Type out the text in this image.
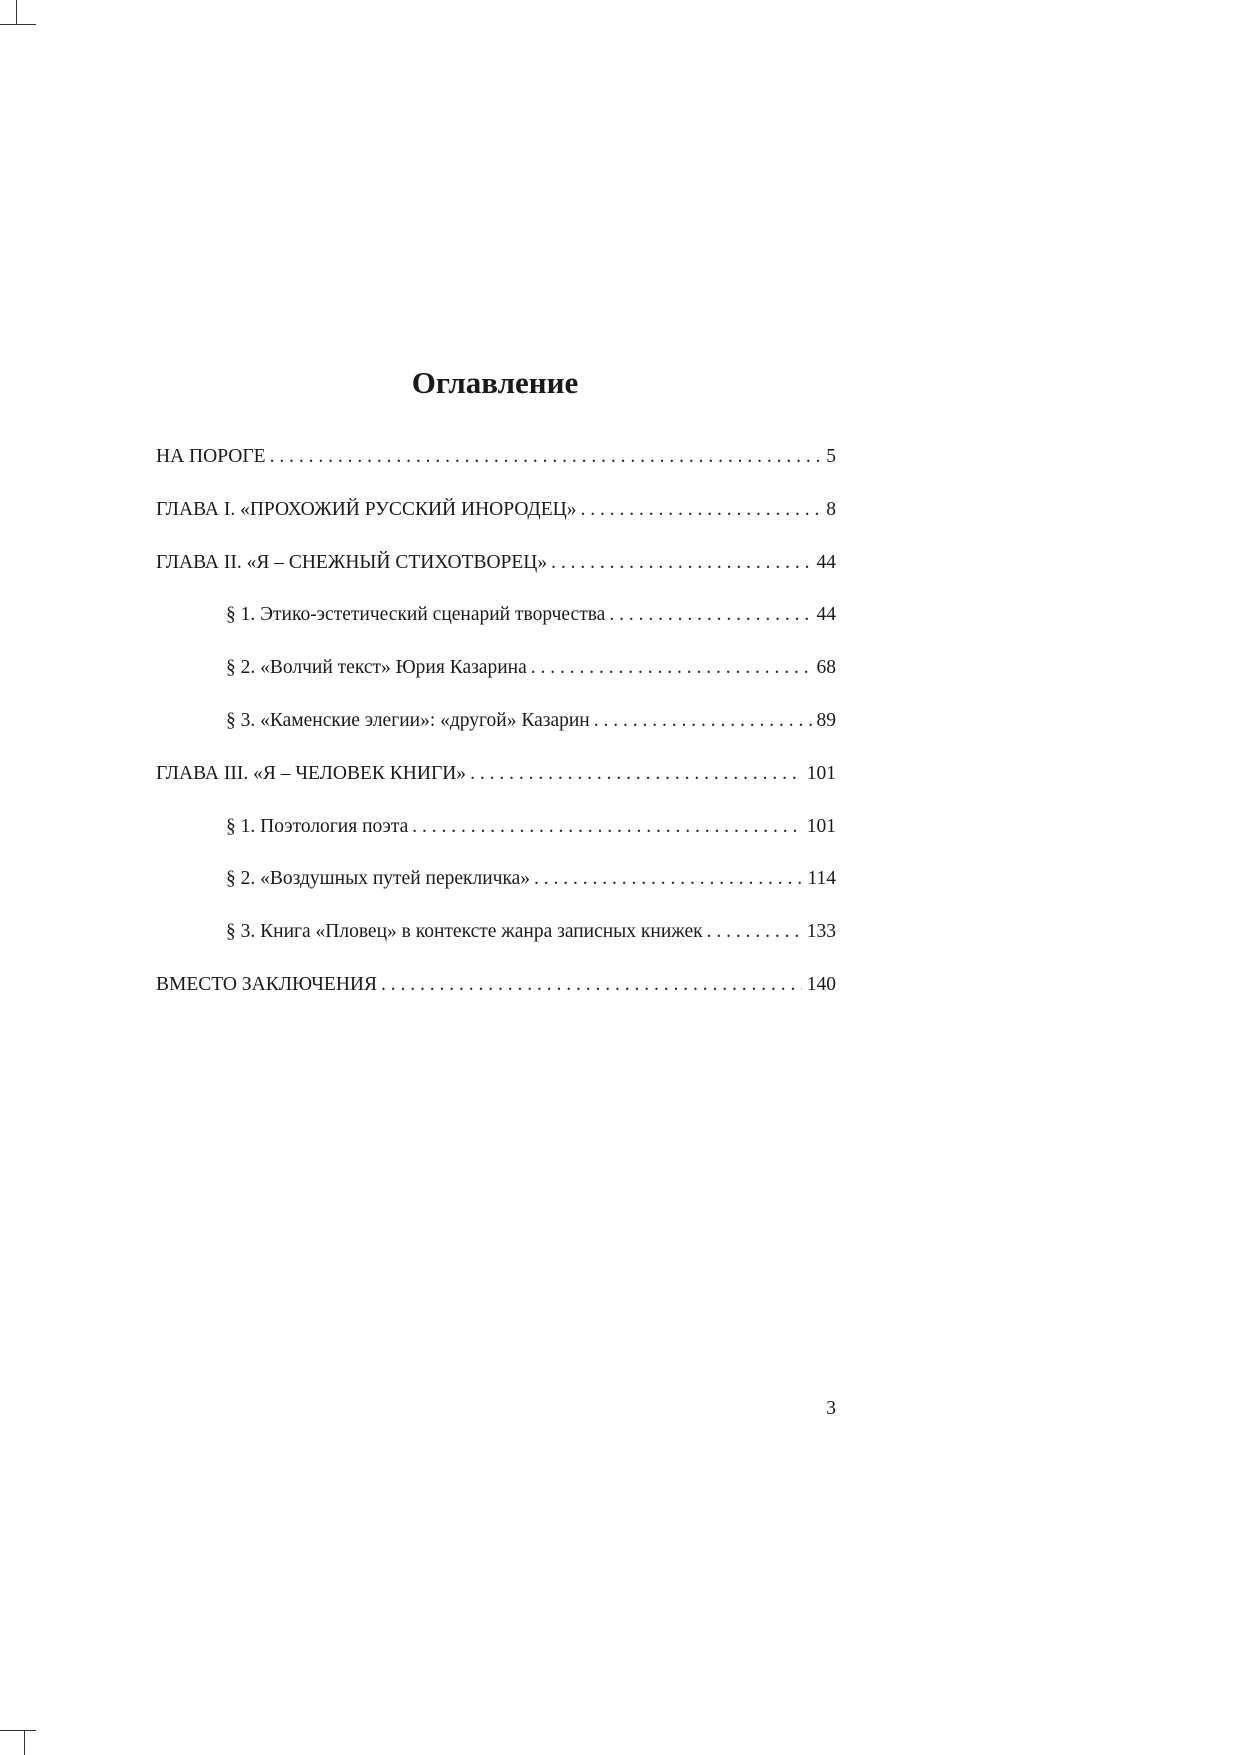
Оглавление
НА ПОРОГЕ . . .	5
ГЛАВА I. «ПРОХОЖИЙ РУССКИЙ ИНОРОДЕЦ» . . .	8
ГЛАВА II. «Я – СНЕЖНЫЙ СТИХОТВОРЕЦ» . . .	44
§ 1. Этико-эстетический сценарий творчества . . .	44
§ 2. «Волчий текст» Юрия Казарина . . .	68
§ 3. «Каменские элегии»: «другой» Казарин . . .	89
ГЛАВА III. «Я – ЧЕЛОВЕК КНИГИ» . . .	101
§ 1. Поэтология поэта . . .	101
§ 2. «Воздушных путей перекличка» . . .	114
§ 3. Книга «Пловец» в контексте жанра записных книжек . . .	133
ВМЕСТО ЗАКЛЮЧЕНИЯ . . .	140
3
